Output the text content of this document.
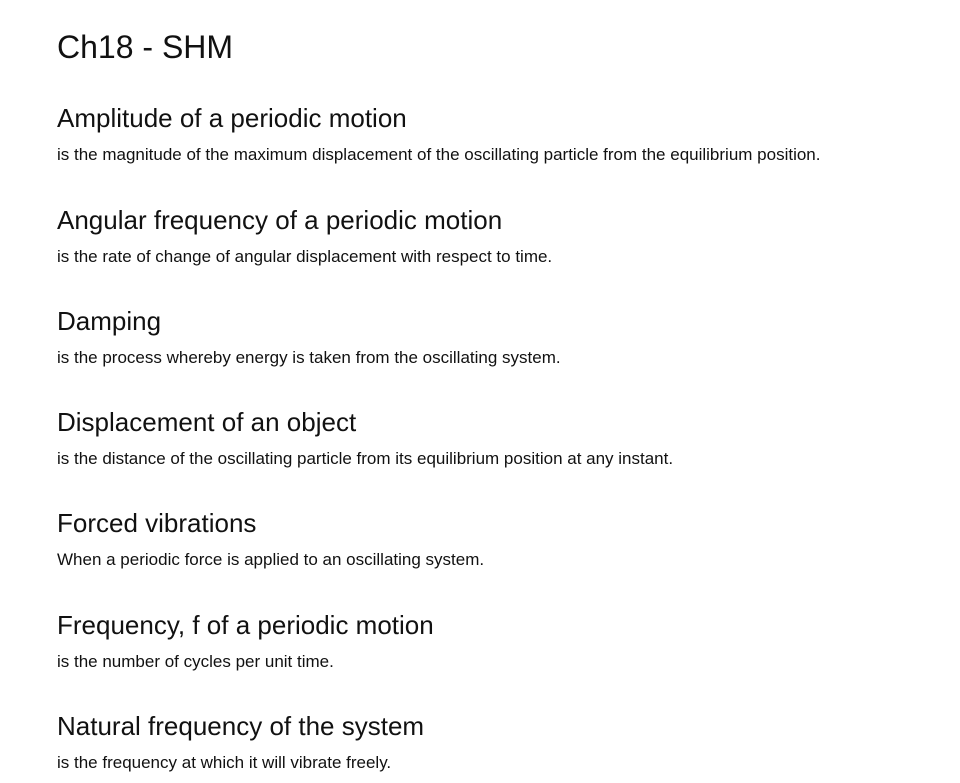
Ch18 - SHM
Amplitude of a periodic motion

is the magnitude of the maximum displacement of the oscillating particle from the equilibrium position.

Angular frequency of a periodic motion

is the rate of change of angular displacement with respect to time.

Damping

is the process whereby energy is taken from the oscillating system.

Displacement of an object

is the distance of the oscillating particle from its equilibrium position at any instant.

Forced vibrations

When a periodic force is applied to an oscillating system.

Frequency, f of a periodic motion

is the number of cycles per unit time.

Natural frequency of the system

is the frequency at which it will vibrate freely.
